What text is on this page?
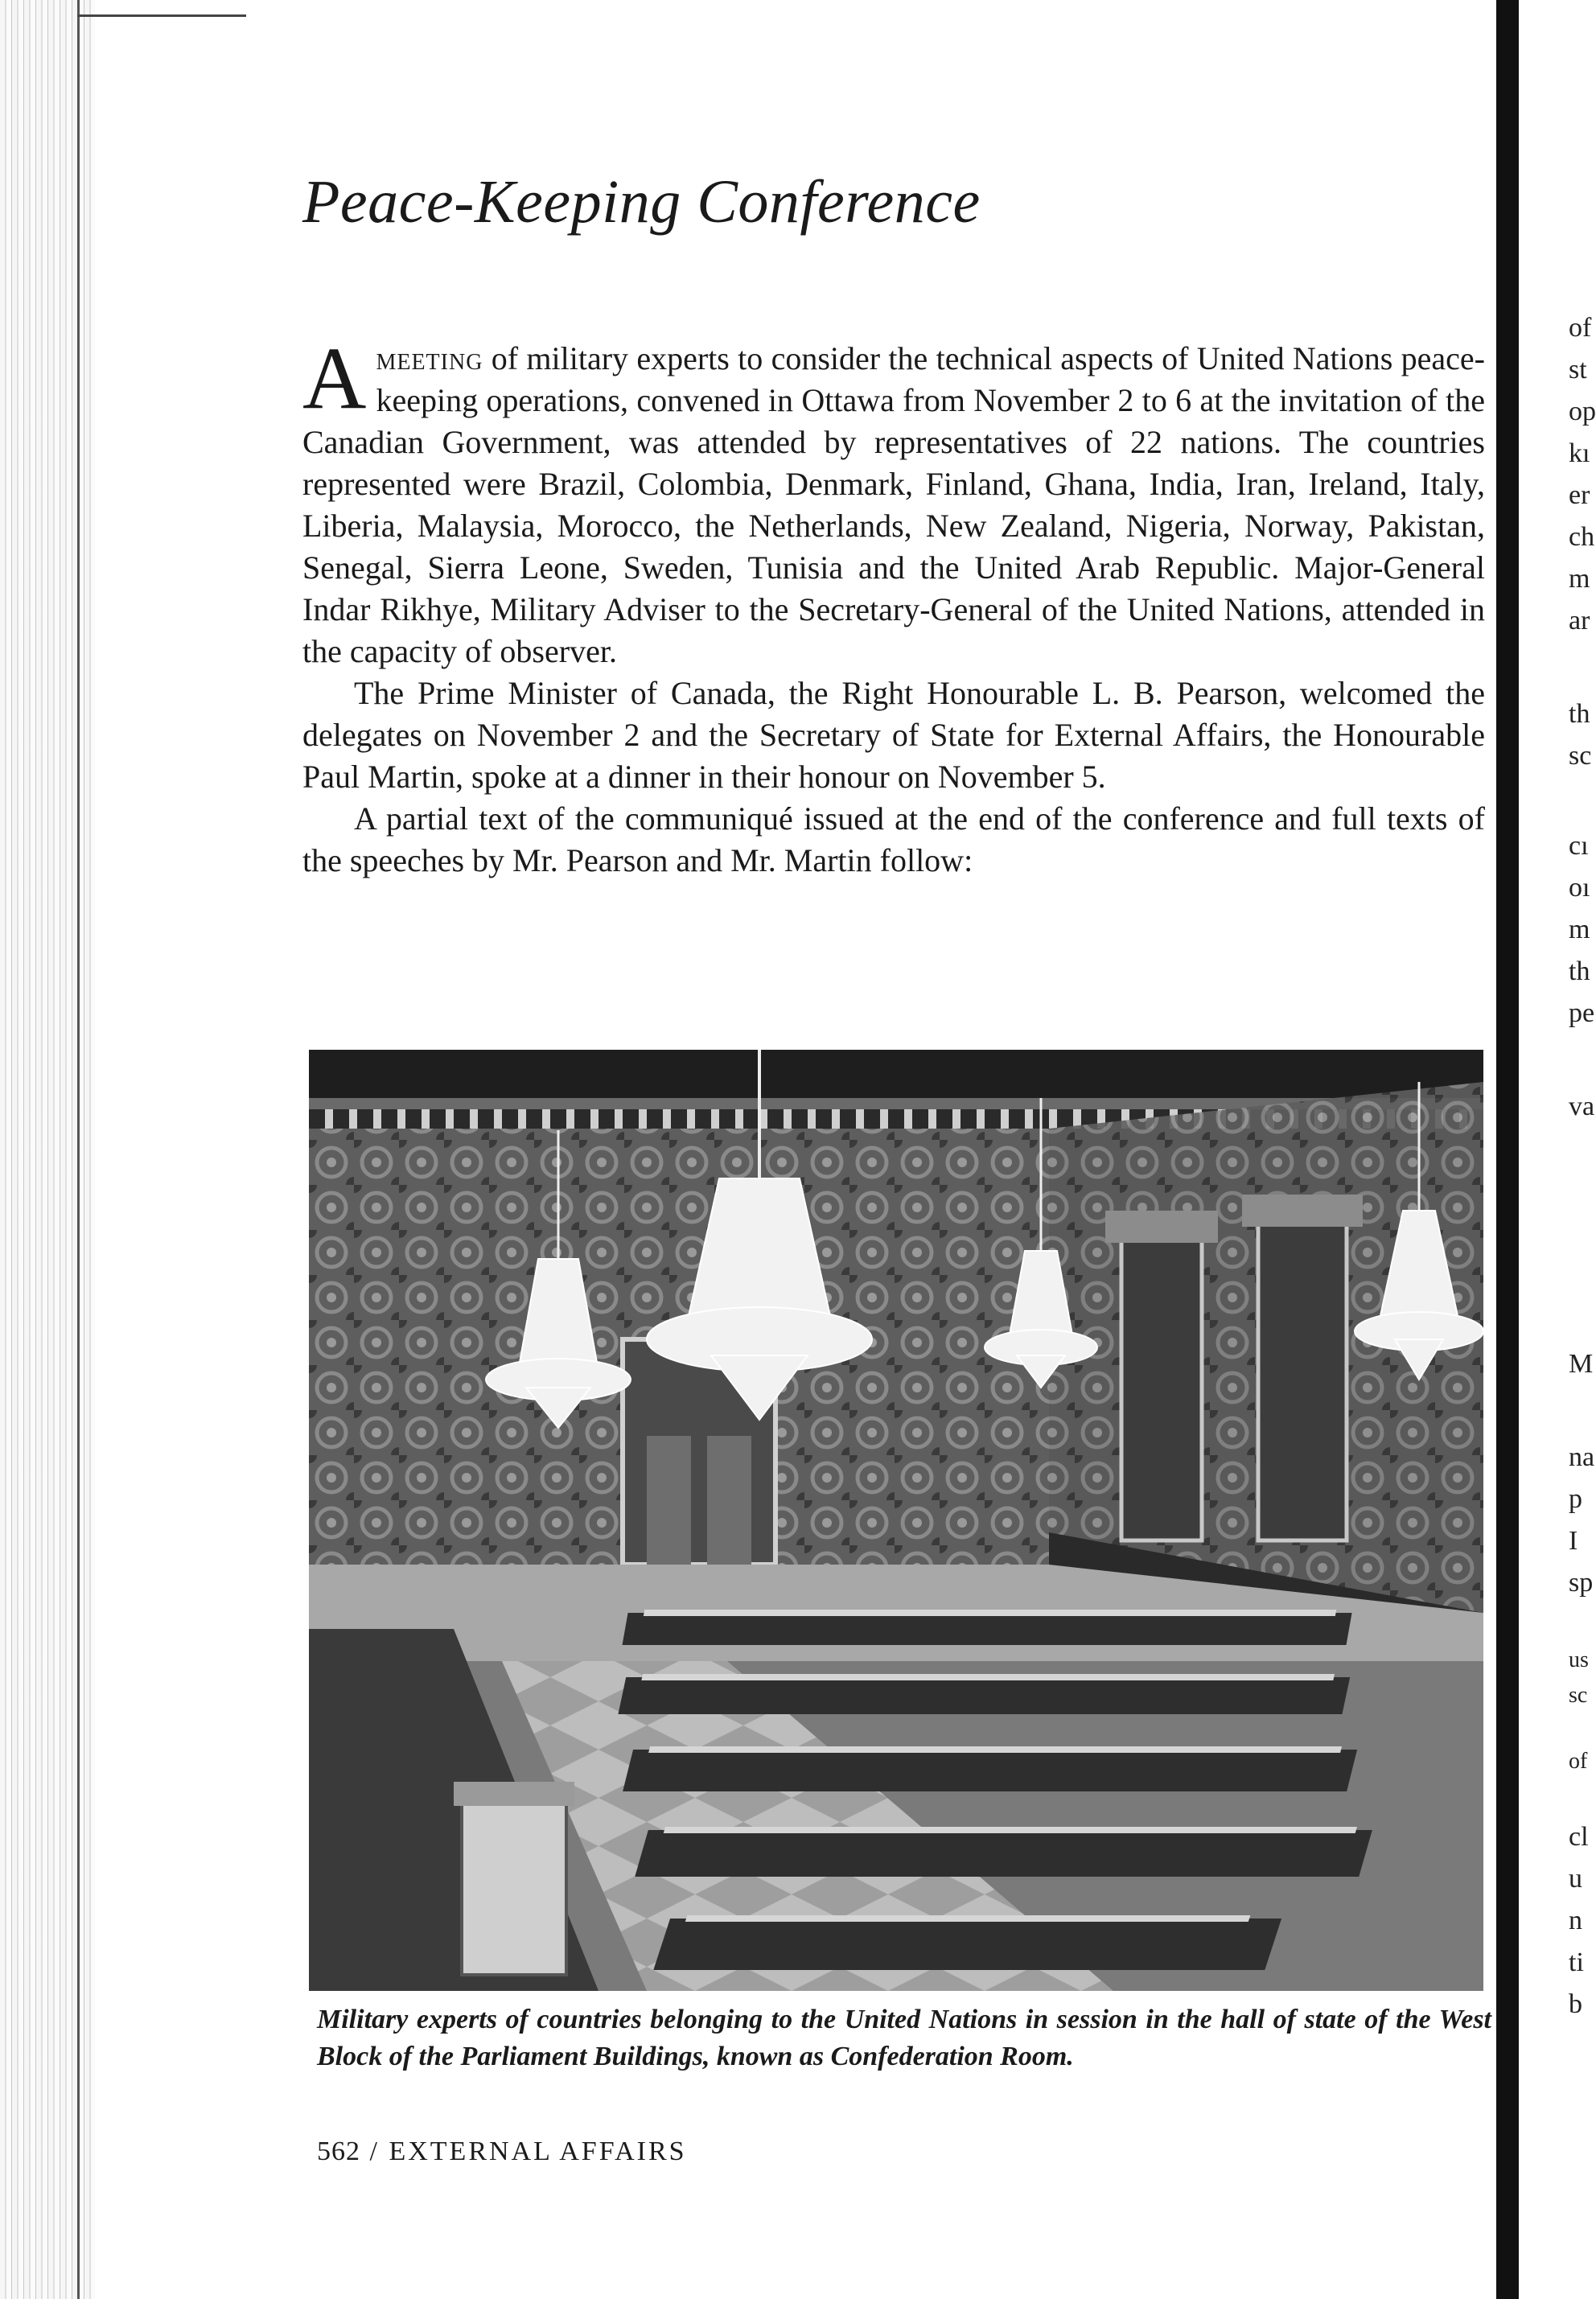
Peace-Keeping Conference

Ameeting of military experts to consider the technical aspects of United Nations peace-keeping operations, convened in Ottawa from November 2 to 6 at the invitation of the Canadian Government, was attended by representatives of 22 nations. The countries represented were Brazil, Colombia, Denmark, Finland, Ghana, India, Iran, Ireland, Italy, Liberia, Malaysia, Morocco, the Netherlands, New Zealand, Nigeria, Norway, Pakistan, Senegal, Sierra Leone, Sweden, Tunisia and the United Arab Republic. Major-General Indar Rikhye, Military Adviser to the Secretary-General of the United Nations, attended in the capacity of observer.

The Prime Minister of Canada, the Right Honourable L. B. Pearson, welcomed the delegates on November 2 and the Secretary of State for External Affairs, the Honourable Paul Martin, spoke at a dinner in their honour on November 5.

A partial text of the communiqué issued at the end of the conference and full texts of the speeches by Mr. Pearson and Mr. Martin follow:

Military experts of countries belonging to the United Nations in session in the hall of state of the West Block of the Parliament Buildings, known as Confederation Room.
562 / EXTERNAL AFFAIRS
of
st
op
kı
er
ch
m
ar
th
sc
cı
oı
m
th
pe
va
M
na
p
I
sp
us
sc
of
cl
u
n
ti
b
